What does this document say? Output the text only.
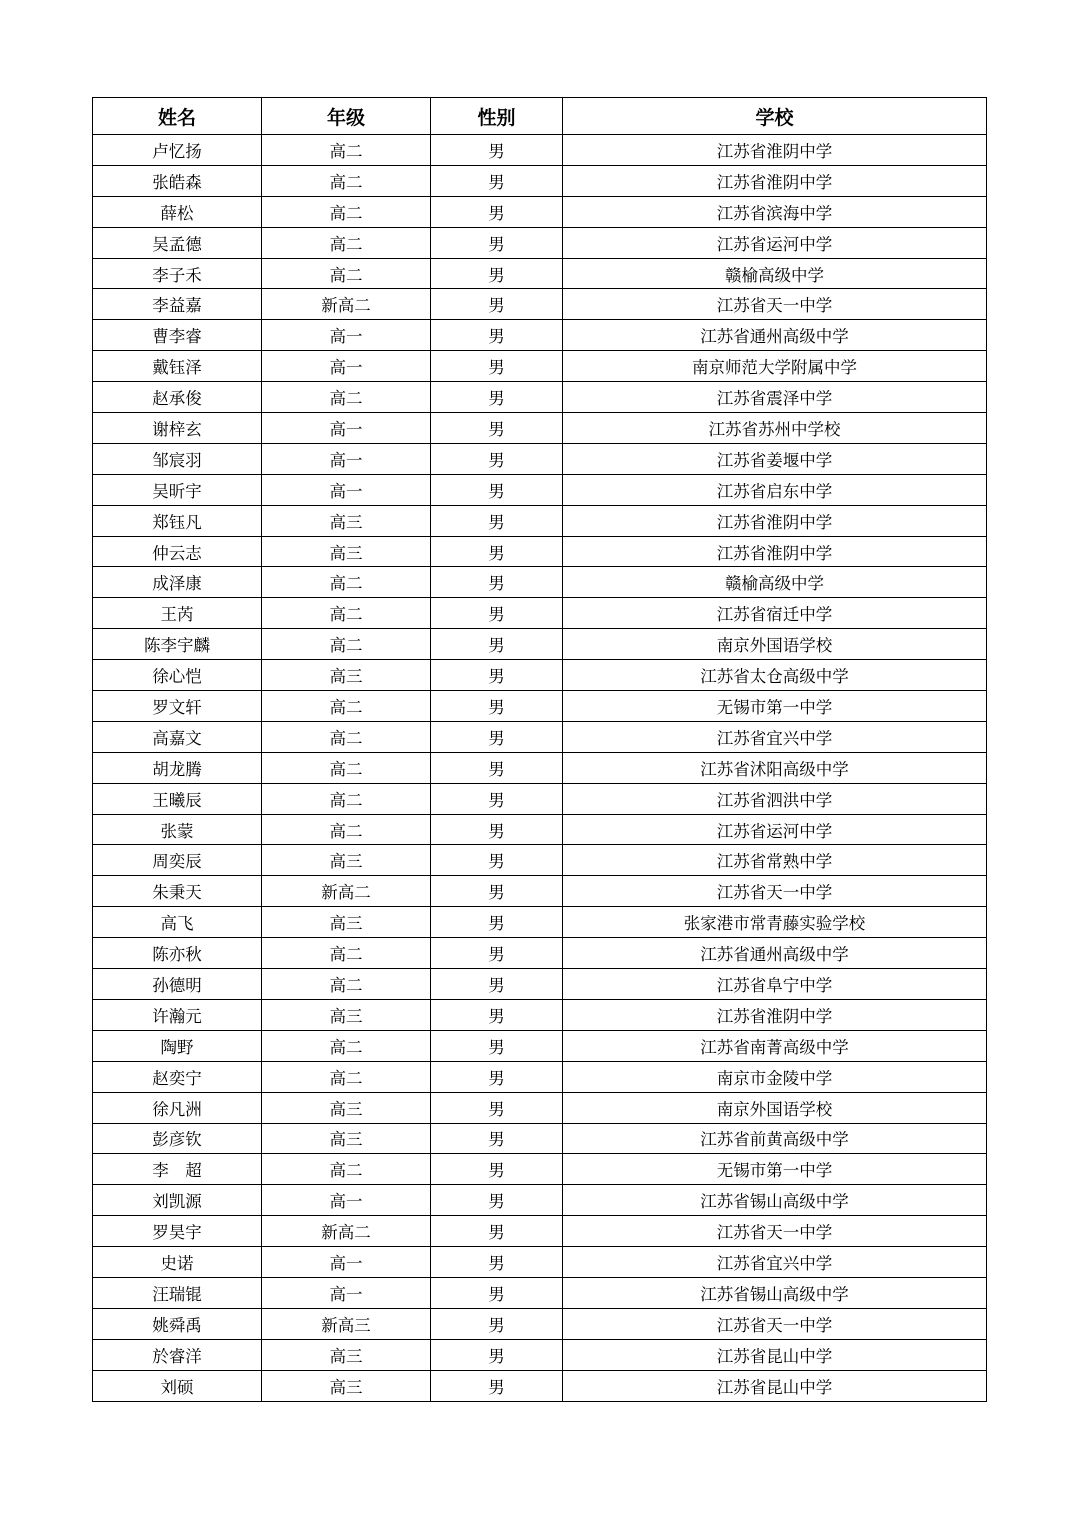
姓名	年级	性别	学校
卢忆扬	高二	男	江苏省淮阴中学
张皓森	高二	男	江苏省淮阴中学
薛松	高二	男	江苏省滨海中学
吴孟德	高二	男	江苏省运河中学
李子禾	高二	男	赣榆高级中学
李益嘉	新高二	男	江苏省天一中学
曹李睿	高一	男	江苏省通州高级中学
戴钰泽	高一	男	南京师范大学附属中学
赵承俊	高二	男	江苏省震泽中学
谢梓玄	高一	男	江苏省苏州中学校
邹宸羽	高一	男	江苏省姜堰中学
吴昕宇	高一	男	江苏省启东中学
郑钰凡	高三	男	江苏省淮阴中学
仲云志	高三	男	江苏省淮阴中学
成泽康	高二	男	赣榆高级中学
王芮	高二	男	江苏省宿迁中学
陈李宇麟	高二	男	南京外国语学校
徐心恺	高三	男	江苏省太仓高级中学
罗文轩	高二	男	无锡市第一中学
高嘉文	高二	男	江苏省宜兴中学
胡龙腾	高二	男	江苏省沭阳高级中学
王曦辰	高二	男	江苏省泗洪中学
张蒙	高二	男	江苏省运河中学
周奕辰	高三	男	江苏省常熟中学
朱秉天	新高二	男	江苏省天一中学
高飞	高三	男	张家港市常青藤实验学校
陈亦秋	高二	男	江苏省通州高级中学
孙德明	高二	男	江苏省阜宁中学
许瀚元	高三	男	江苏省淮阴中学
陶野	高二	男	江苏省南菁高级中学
赵奕宁	高二	男	南京市金陵中学
徐凡洲	高三	男	南京外国语学校
彭彦钦	高三	男	江苏省前黄高级中学
李　超	高二	男	无锡市第一中学
刘凯源	高一	男	江苏省锡山高级中学
罗昊宇	新高二	男	江苏省天一中学
史诺	高一	男	江苏省宜兴中学
汪瑞锟	高一	男	江苏省锡山高级中学
姚舜禹	新高三	男	江苏省天一中学
於睿洋	高三	男	江苏省昆山中学
刘硕	高三	男	江苏省昆山中学
